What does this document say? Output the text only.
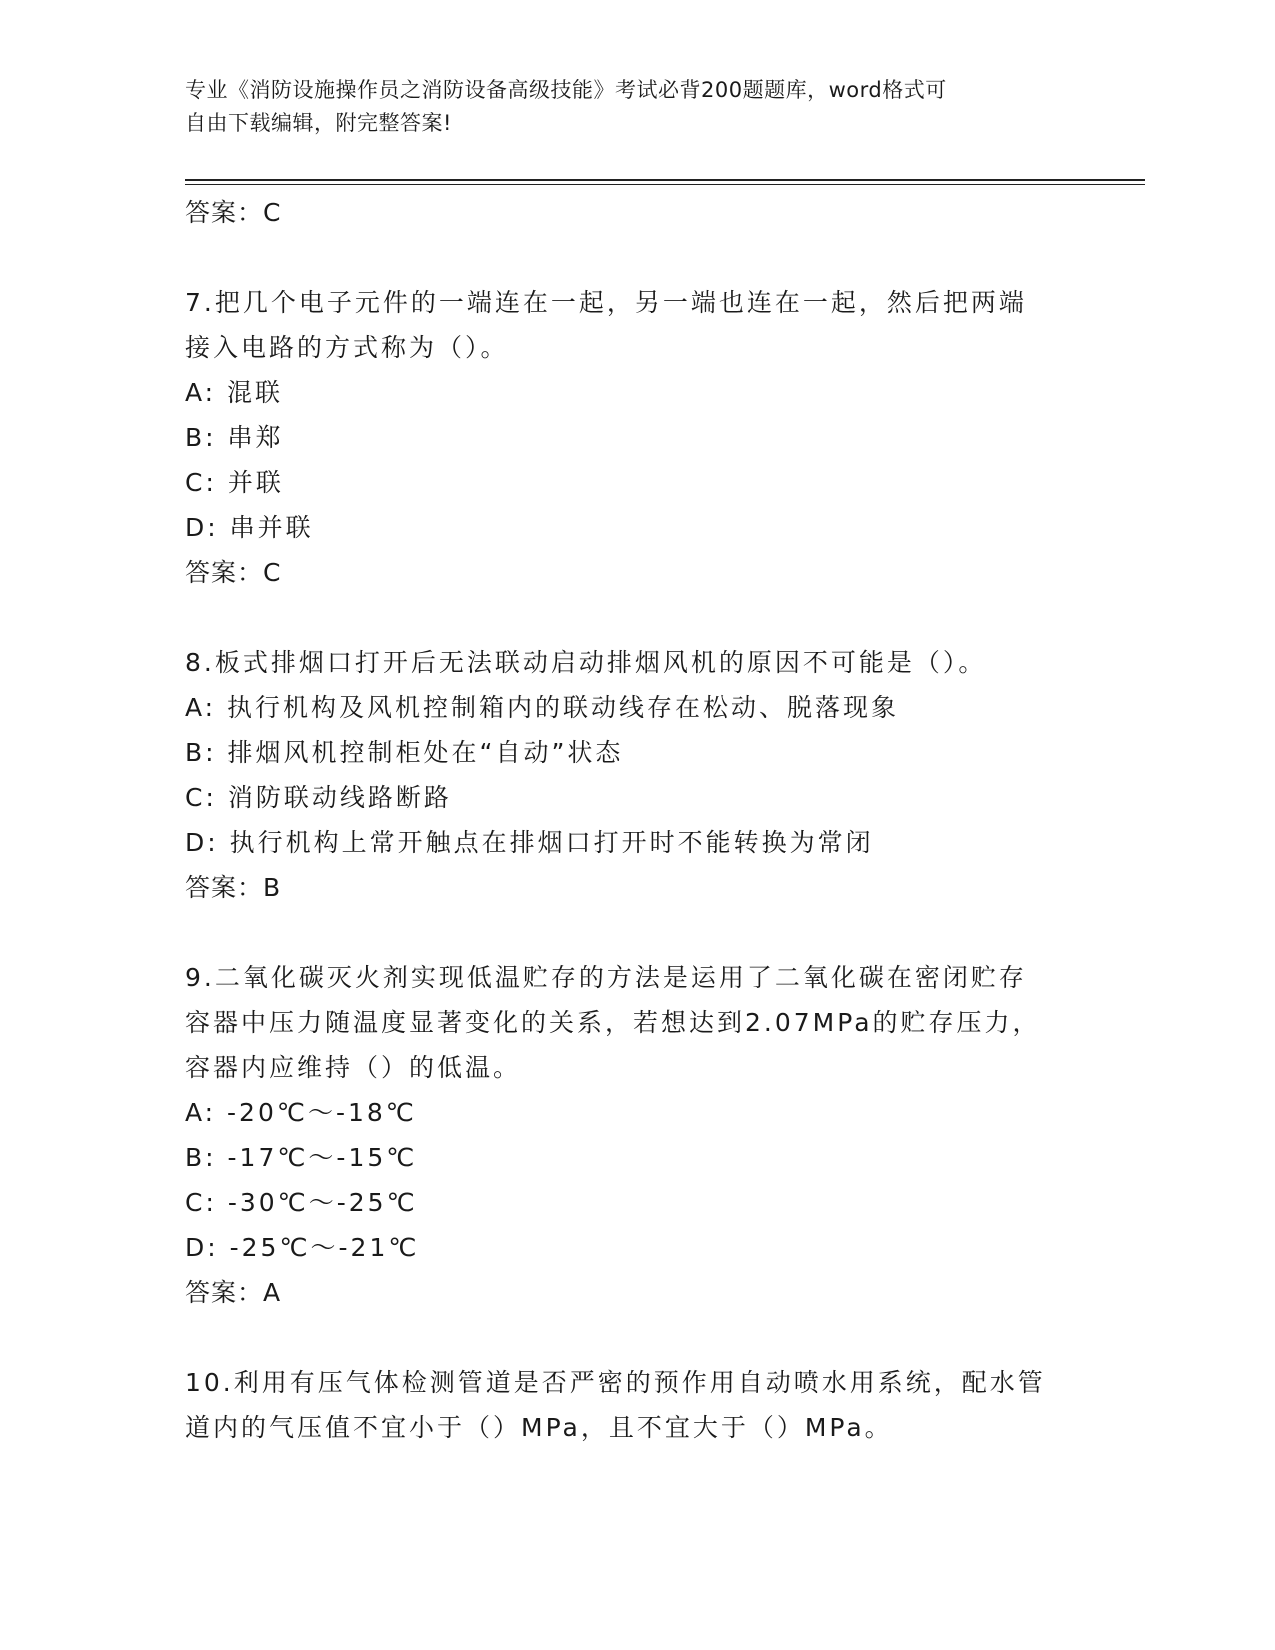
专业《消防设施操作员之消防设备高级技能》考试必背200题题库，word格式可
自由下载编辑，附完整答案!
答案：C
7.把几个电子元件的一端连在一起，另一端也连在一起，然后把两端
接入电路的方式称为（）。
A: 混联
B: 串郑
C: 并联
D: 串并联
答案：C
8.板式排烟口打开后无法联动启动排烟风机的原因不可能是（）。
A: 执行机构及风机控制箱内的联动线存在松动、脱落现象
B: 排烟风机控制柜处在“自动”状态
C: 消防联动线路断路
D: 执行机构上常开触点在排烟口打开时不能转换为常闭
答案：B
9.二氧化碳灭火剂实现低温贮存的方法是运用了二氧化碳在密闭贮存
容器中压力随温度显著变化的关系，若想达到2.07MPa的贮存压力，
容器内应维持（）的低温。
A: -20℃～-18℃
B: -17℃～-15℃
C: -30℃～-25℃
D: -25℃～-21℃
答案：A
10.利用有压气体检测管道是否严密的预作用自动喷水用系统，配水管
道内的气压值不宜小于（）MPa，且不宜大于（）MPa。
